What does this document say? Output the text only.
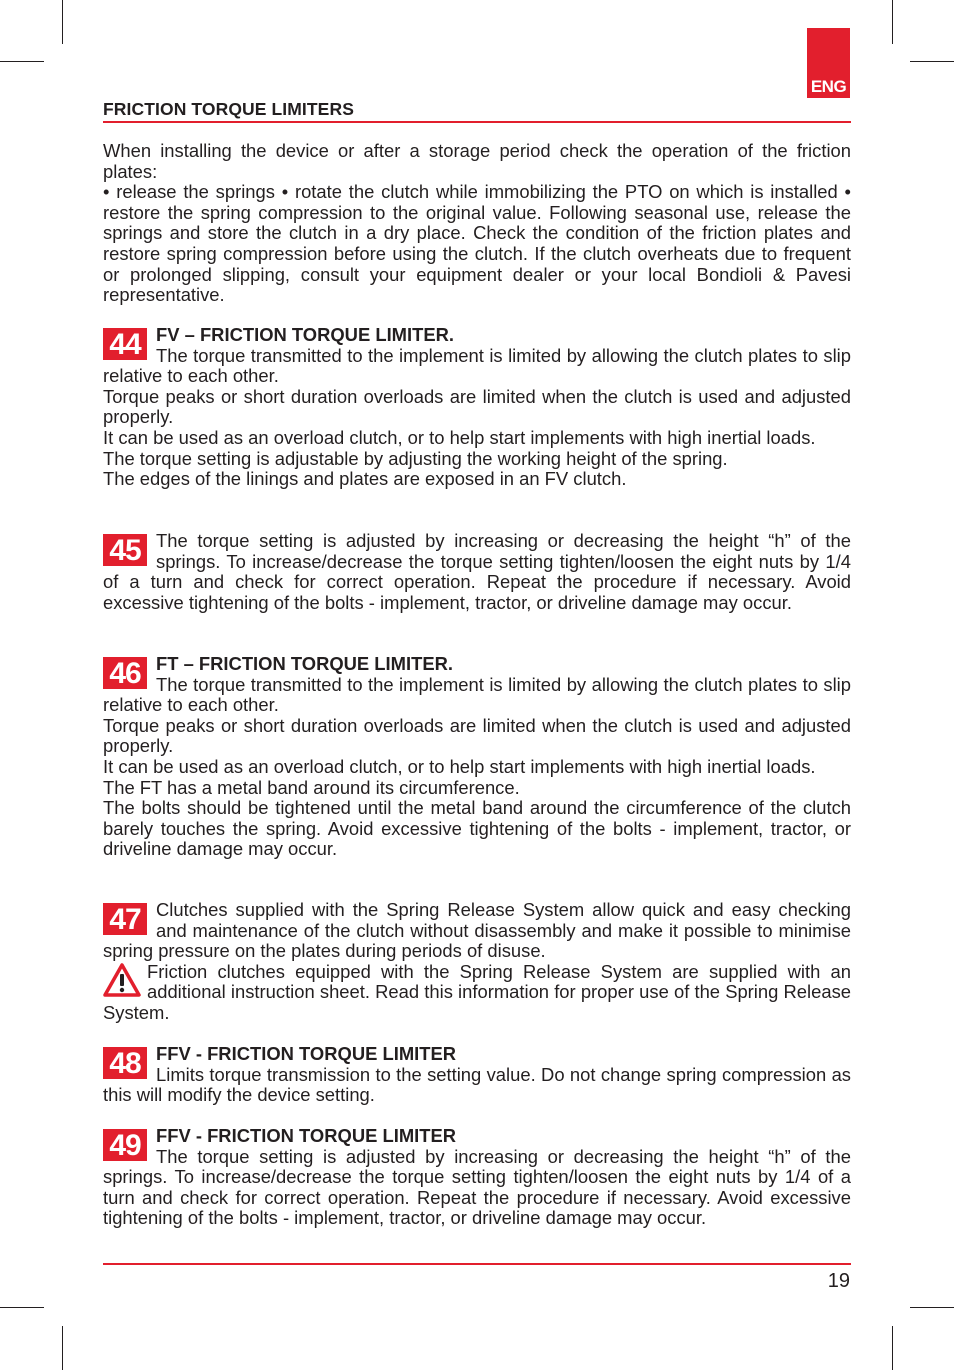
ENG
FRICTION TORQUE LIMITERS

When installing the device or after a storage period check the operation of the friction plates:

• release the springs • rotate the clutch while immobilizing the PTO on which is installed • restore the spring compression to the original value. Following seasonal use, release the springs and store the clutch in a dry place. Check the condition of the friction plates and restore spring compression before using the clutch. If the clutch overheats due to frequent or prolonged slipping, consult your equipment dealer or your local Bondioli & Pavesi representative.

44 FV – FRICTION TORQUE LIMITER.

The torque transmitted to the implement is limited by allowing the clutch plates to slip relative to each other.

Torque peaks or short duration overloads are limited when the clutch is used and adjusted properly.

It can be used as an overload clutch, or to help start implements with high inertial loads.

The torque setting is adjustable by adjusting the working height of the spring.

The edges of the linings and plates are exposed in an FV clutch.

45 The torque setting is adjusted by increasing or decreasing the height “h” of the springs. To increase/decrease the torque setting tighten/loosen the eight nuts by 1/4 of a turn and check for correct operation. Repeat the procedure if necessary. Avoid excessive tightening of the bolts - implement, tractor, or driveline damage may occur.

46 FT – FRICTION TORQUE LIMITER.

The torque transmitted to the implement is limited by allowing the clutch plates to slip relative to each other.

Torque peaks or short duration overloads are limited when the clutch is used and adjusted properly.

It can be used as an overload clutch, or to help start implements with high inertial loads.

The FT has a metal band around its circumference.

The bolts should be tightened until the metal band around the circumference of the clutch barely touches the spring. Avoid excessive tightening of the bolts - implement, tractor, or driveline damage may occur.

47 Clutches supplied with the Spring Release System allow quick and easy checking and maintenance of the clutch without disassembly and make it possible to minimise spring pressure on the plates during periods of disuse.

Friction clutches equipped with the Spring Release System are supplied with an additional instruction sheet. Read this information for proper use of the Spring Release System.

48 FFV - FRICTION TORQUE LIMITER

Limits torque transmission to the setting value. Do not change spring compression as this will modify the device setting.

49 FFV - FRICTION TORQUE LIMITER

The torque setting is adjusted by increasing or decreasing the height “h” of the springs. To increase/decrease the torque setting tighten/loosen the eight nuts by 1/4 of a turn and check for correct operation. Repeat the procedure if necessary. Avoid excessive tightening of the bolts - implement, tractor, or driveline damage may occur.

19
